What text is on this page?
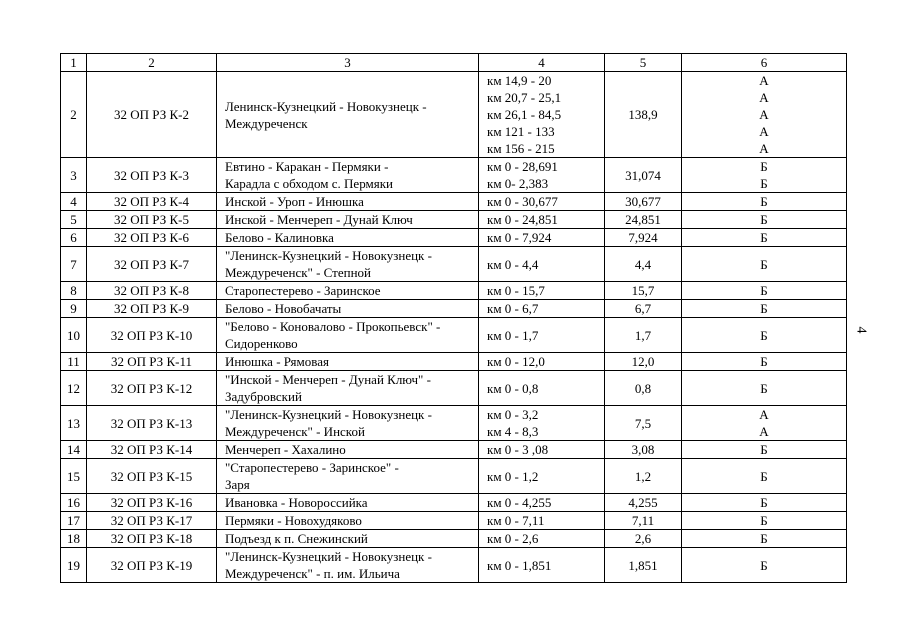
1	2	3	4	5	6
2	32 ОП РЗ К-2	Ленинск-Кузнецкий - Новокузнецк -
Междуреченск	км 14,9 - 20
км 20,7 - 25,1
км 26,1 - 84,5
км 121 - 133
км 156 - 215	138,9	А
А
А
А
А

3	32 ОП РЗ К-3	Евтино - Каракан - Пермяки -
Карадла с обходом с. Пермяки	км 0 - 28,691
км 0- 2,383	31,074	Б
Б

4	32 ОП РЗ К-4	Инской - Уроп - Инюшка	км 0 - 30,677	30,677	Б

5	32 ОП РЗ К-5	Инской - Менчереп - Дунай Ключ	км 0 - 24,851	24,851	Б

6	32 ОП РЗ К-6	Белово - Калиновка	км 0 - 7,924	7,924	Б

7	32 ОП РЗ К-7	"Ленинск-Кузнецкий - Новокузнецк -
Междуреченск" - Степной	км 0 - 4,4	4,4	Б

8	32 ОП РЗ К-8	Старопестерево - Заринское	км 0 - 15,7	15,7	Б

9	32 ОП РЗ К-9	Белово - Новобачаты	км 0 - 6,7	6,7	Б

10	32 ОП РЗ К-10	"Белово - Коновалово - Прокопьевск" -
Сидоренково	км 0 - 1,7	1,7	Б

11	32 ОП РЗ К-11	Инюшка - Рямовая	км 0 - 12,0	12,0	Б

12	32 ОП РЗ К-12	"Инской - Менчереп - Дунай Ключ" -
Задубровский	км 0 - 0,8	0,8	Б

13	32 ОП РЗ К-13	"Ленинск-Кузнецкий - Новокузнецк -
Междуреченск" - Инской	км 0 - 3,2
км 4 - 8,3	7,5	А
А

14	32 ОП РЗ К-14	Менчереп - Хахалино	км 0 - 3 ,08	3,08	Б

15	32 ОП РЗ К-15	"Старопестерево - Заринское" -
Заря	км 0 - 1,2	1,2	Б

16	32 ОП РЗ К-16	Ивановка - Новороссийка	км 0 - 4,255	4,255	Б

17	32 ОП РЗ К-17	Пермяки - Новохудяково	км 0 - 7,11	7,11	Б

18	32 ОП РЗ К-18	Подъезд к п. Снежинский	км 0 - 2,6	2,6	Б

19	32 ОП РЗ К-19	"Ленинск-Кузнецкий - Новокузнецк -
Междуреченск" - п. им. Ильича	км 0 - 1,851	1,851	Б
4
